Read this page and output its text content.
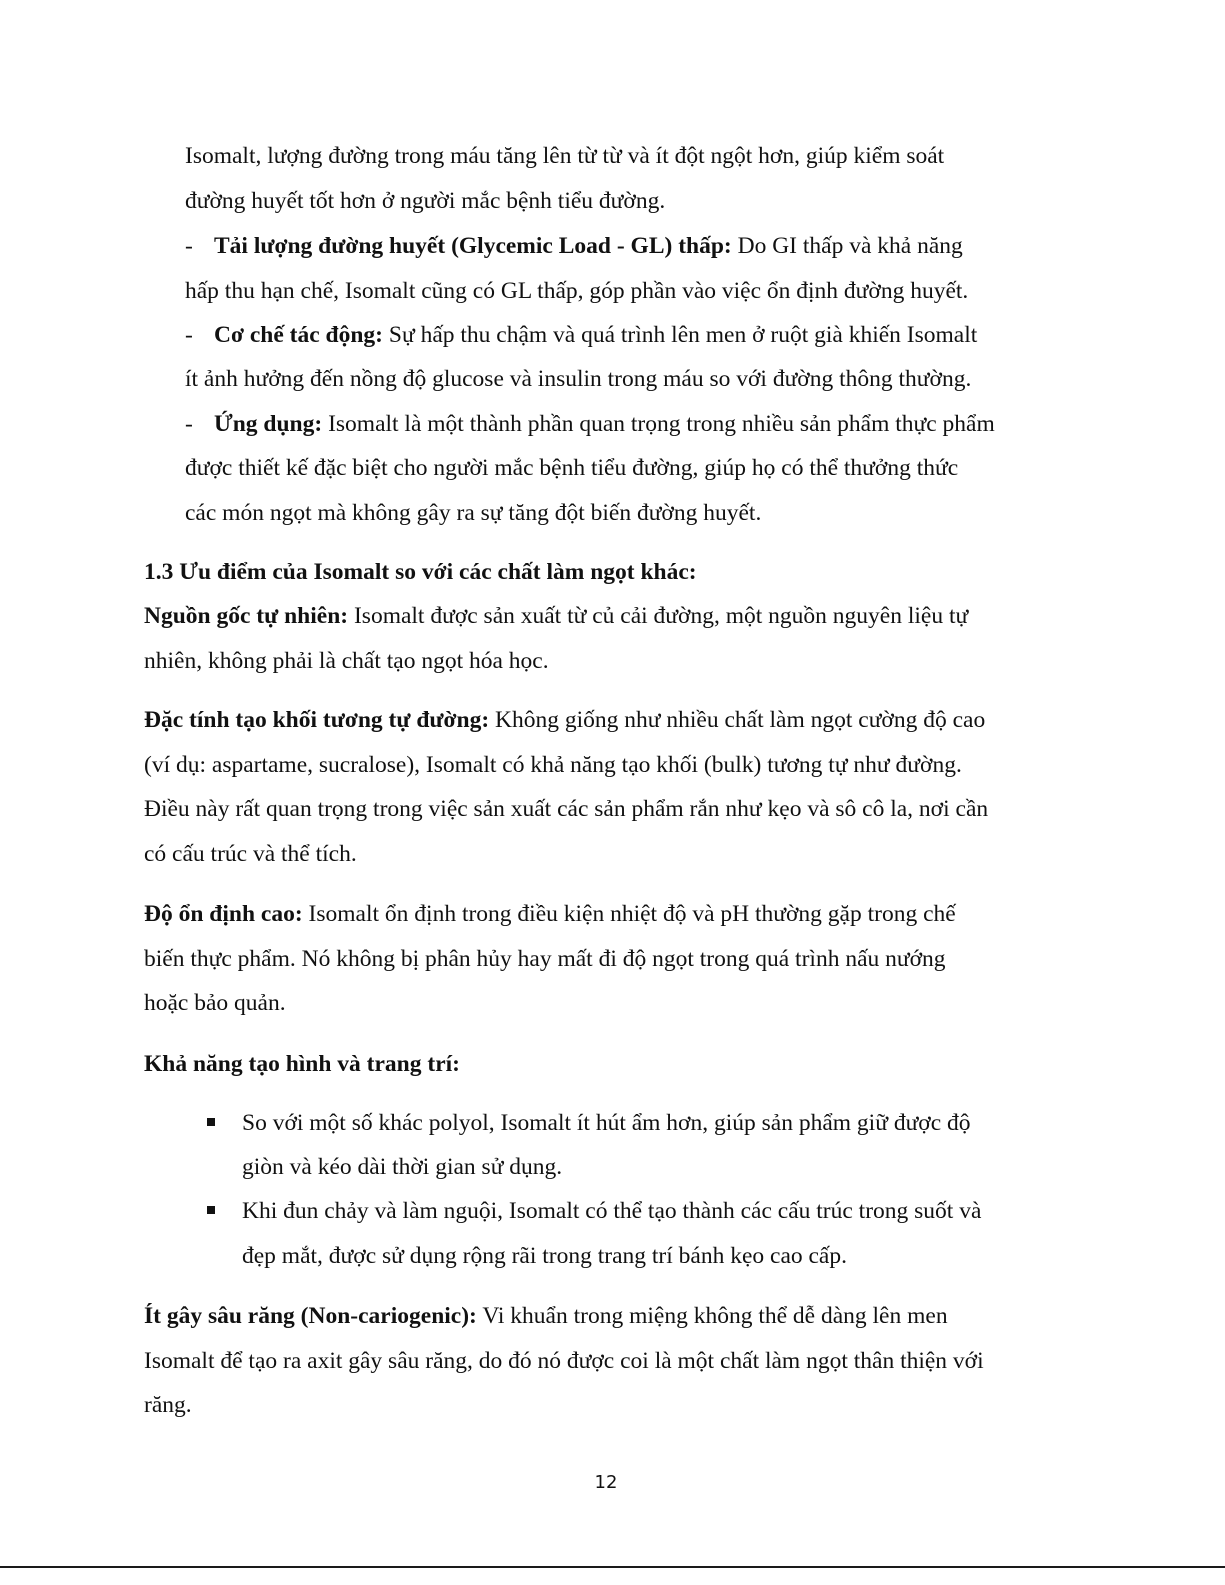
Isomalt, lượng đường trong máu tăng lên từ từ và ít đột ngột hơn, giúp kiểm soát
đường huyết tốt hơn ở người mắc bệnh tiểu đường.
- Tải lượng đường huyết (Glycemic Load - GL) thấp: Do GI thấp và khả năng
hấp thu hạn chế, Isomalt cũng có GL thấp, góp phần vào việc ổn định đường huyết.
- Cơ chế tác động: Sự hấp thu chậm và quá trình lên men ở ruột già khiến Isomalt
ít ảnh hưởng đến nồng độ glucose và insulin trong máu so với đường thông thường.
- Ứng dụng: Isomalt là một thành phần quan trọng trong nhiều sản phẩm thực phẩm
được thiết kế đặc biệt cho người mắc bệnh tiểu đường, giúp họ có thể thưởng thức
các món ngọt mà không gây ra sự tăng đột biến đường huyết.
1.3 Ưu điểm của Isomalt so với các chất làm ngọt khác:
Nguồn gốc tự nhiên: Isomalt được sản xuất từ củ cải đường, một nguồn nguyên liệu tự
nhiên, không phải là chất tạo ngọt hóa học.
Đặc tính tạo khối tương tự đường: Không giống như nhiều chất làm ngọt cường độ cao
(ví dụ: aspartame, sucralose), Isomalt có khả năng tạo khối (bulk) tương tự như đường.
Điều này rất quan trọng trong việc sản xuất các sản phẩm rắn như kẹo và sô cô la, nơi cần
có cấu trúc và thể tích.
Độ ổn định cao: Isomalt ổn định trong điều kiện nhiệt độ và pH thường gặp trong chế
biến thực phẩm. Nó không bị phân hủy hay mất đi độ ngọt trong quá trình nấu nướng
hoặc bảo quản.
Khả năng tạo hình và trang trí:
So với một số khác polyol, Isomalt ít hút ẩm hơn, giúp sản phẩm giữ được độ
giòn và kéo dài thời gian sử dụng.
Khi đun chảy và làm nguội, Isomalt có thể tạo thành các cấu trúc trong suốt và
đẹp mắt, được sử dụng rộng rãi trong trang trí bánh kẹo cao cấp.
Ít gây sâu răng (Non-cariogenic): Vi khuẩn trong miệng không thể dễ dàng lên men
Isomalt để tạo ra axit gây sâu răng, do đó nó được coi là một chất làm ngọt thân thiện với
răng.
12
